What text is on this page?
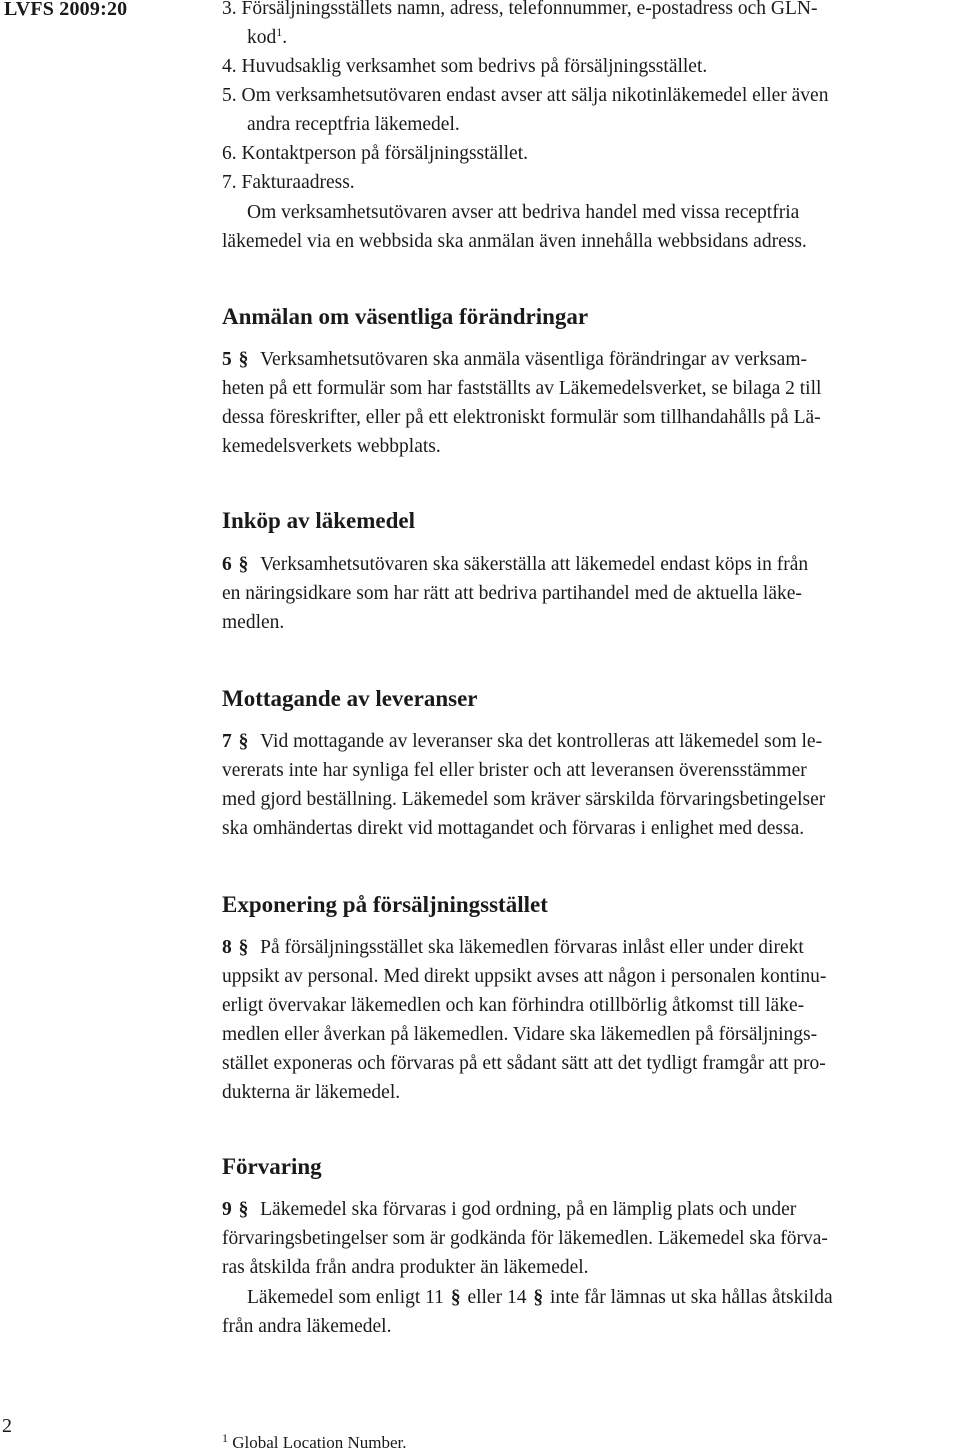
LVFS 2009:20	3. Försäljningsställets namn, adress, telefonnummer, e-postadress och GLN-
kod$^1$.
4. Huvudsaklig verksamhet som bedrivs på försäljningsstället.
5. Om verksamhetsutövaren endast avser att sälja nikotinläkemedel eller även
andra receptfria läkemedel.
6. Kontaktperson på försäljningsstället.
7. Fakturaadress.
Om verksamhetsutövaren avser att bedriva handel med vissa receptfria
läkemedel via en webbsida ska anmälan även innehålla webbsidans adress.
Anmälan om väsentliga förändringar
5 § Verksamhetsutövaren ska anmäla väsentliga förändringar av verksam-
heten på ett formulär som har fastställts av Läkemedelsverket, se bilaga 2 till
dessa föreskrifter, eller på ett elektroniskt formulär som tillhandahålls på Lä-
kemedelsverkets webbplats.
Inköp av läkemedel
6 § Verksamhetsutövaren ska säkerställa att läkemedel endast köps in från
en näringsidkare som har rätt att bedriva partihandel med de aktuella läke-
medlen.
Mottagande av leveranser
7 § Vid mottagande av leveranser ska det kontrolleras att läkemedel som le-
vererats inte har synliga fel eller brister och att leveransen överensstämmer
med gjord beställning. Läkemedel som kräver särskilda förvaringsbetingelser
ska omhändertas direkt vid mottagandet och förvaras i enlighet med dessa.
Exponering på försäljningsstället
8 § På försäljningsstället ska läkemedlen förvaras inlåst eller under direkt
uppsikt av personal. Med direkt uppsikt avses att någon i personalen kontinu-
erligt övervakar läkemedlen och kan förhindra otillbörlig åtkomst till läke-
medlen eller åverkan på läkemedlen. Vidare ska läkemedlen på försäljnings-
stället exponeras och förvaras på ett sådant sätt att det tydligt framgår att pro-
dukterna är läkemedel.
Förvaring
9 § Läkemedel ska förvaras i god ordning, på en lämplig plats och under
förvaringsbetingelser som är godkända för läkemedlen. Läkemedel ska förva-
ras åtskilda från andra produkter än läkemedel.
Läkemedel som enligt 11 § eller 14 § inte får lämnas ut ska hållas åtskilda
från andra läkemedel.
2
$^1$ Global Location Number.
